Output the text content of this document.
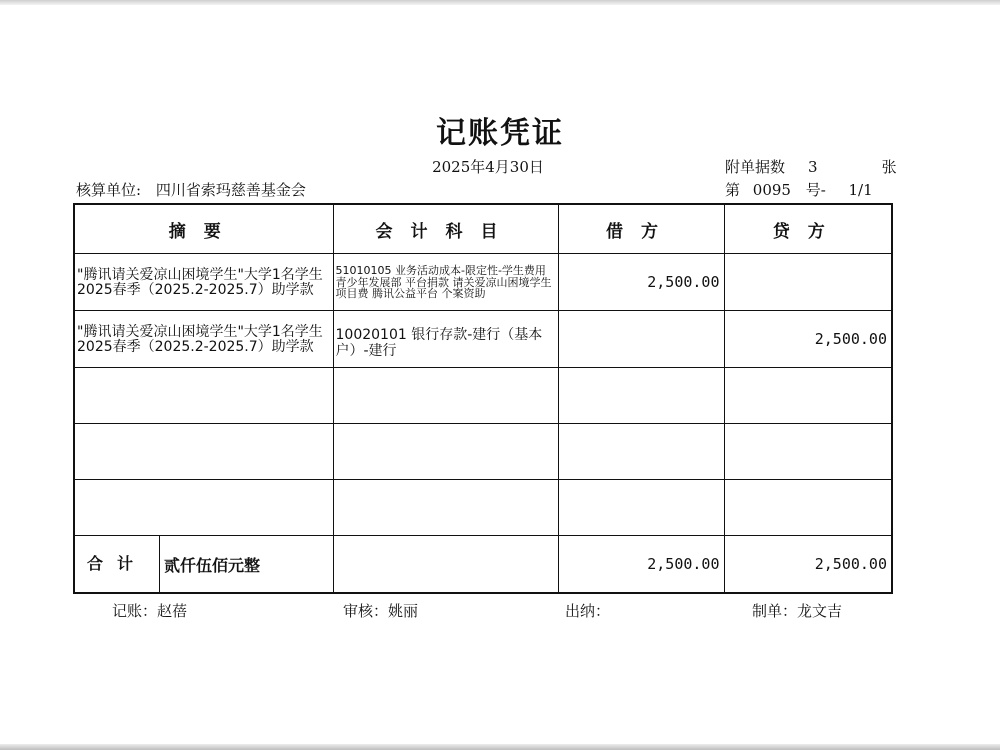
记账凭证
2025年4月30日	附单据数 3	张
核算单位: 四川省索玛慈善基金会	第 0095 号- 1/1
摘要	会计科目	借方	贷方

"腾讯请关爱凉山困境学生"大学1名学生2025春季（2025.2-2025.7）助学款	51010105 业务活动成本-限定性-学生费用 青少年发展部 平台捐款 请关爱凉山困境学生 项目费 腾讯公益平台 个案资助	2,500.00	

"腾讯请关爱凉山困境学生"大学1名学生2025春季（2025.2-2025.7）助学款	10020101 银行存款-建行（基本户）-建行		2,500.00

合计 贰仟伍佰元整		2,500.00	2,500.00
记账：赵蓓	审核：姚丽	出纳：	制单：龙文吉
